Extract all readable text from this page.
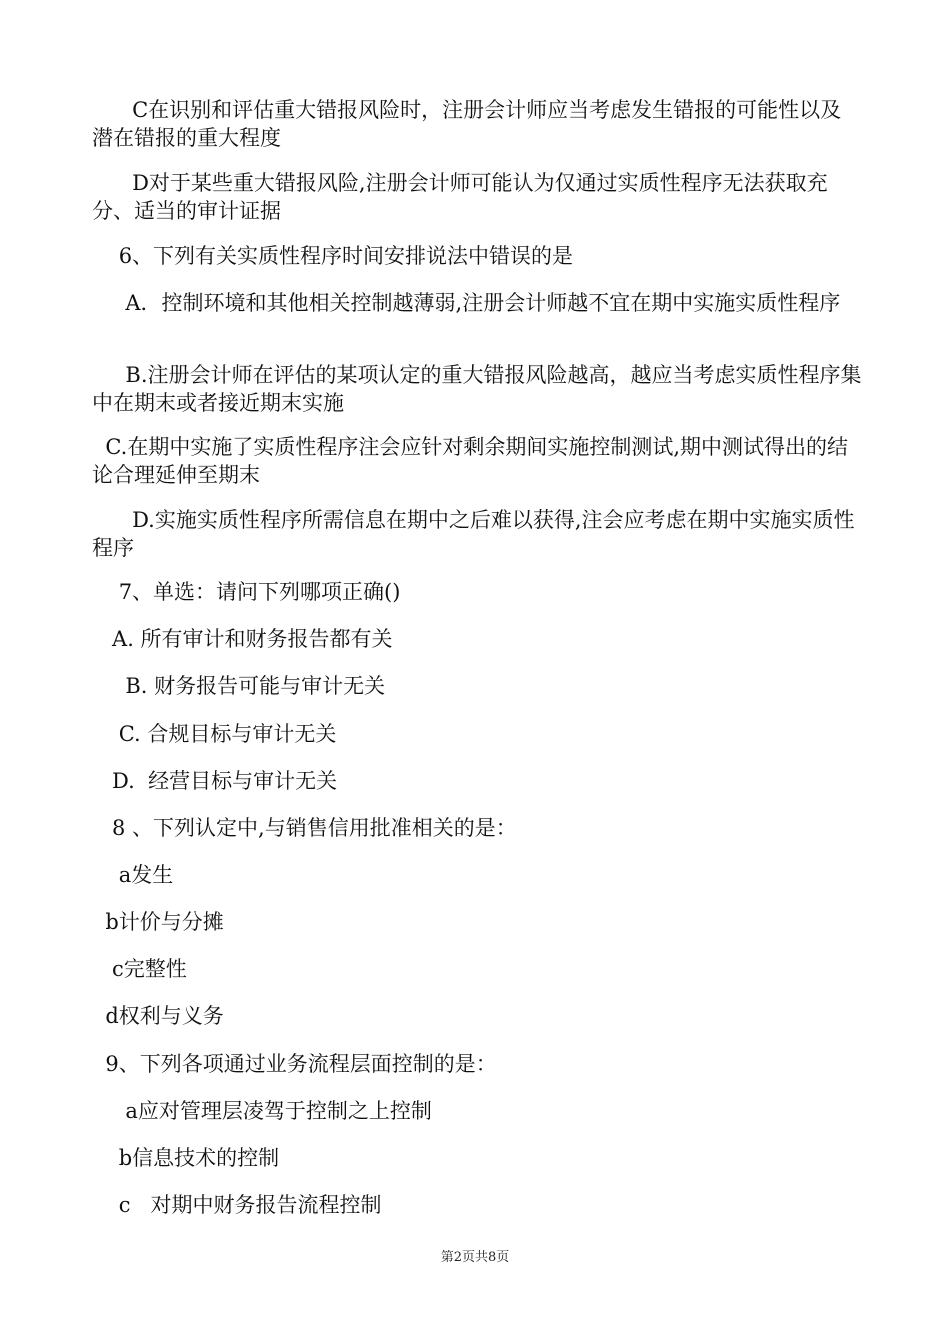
C在识别和评估重大错报风险时，注册会计师应当考虑发生错报的可能性以及潜在错报的重大程度

D对于某些重大错报风险,注册会计师可能认为仅通过实质性程序无法获取充分、适当的审计证据

6、下列有关实质性程序时间安排说法中错误的是

A．控制环境和其他相关控制越薄弱,注册会计师越不宜在期中实施实质性程序

B.注册会计师在评估的某项认定的重大错报风险越高，越应当考虑实质性程序集中在期末或者接近期末实施

C.在期中实施了实质性程序注会应针对剩余期间实施控制测试,期中测试得出的结论合理延伸至期末

D.实施实质性程序所需信息在期中之后难以获得,注会应考虑在期中实施实质性程序

7、单选：请问下列哪项正确()

A. 所有审计和财务报告都有关

B. 财务报告可能与审计无关

C. 合规目标与审计无关

D.  经营目标与审计无关

8 、下列认定中,与销售信用批准相关的是：

a发生

b计价与分摊

c完整性

d权利与义务

9、下列各项通过业务流程层面控制的是：

a应对管理层凌驾于控制之上控制

b信息技术的控制

c   对期中财务报告流程控制

第2页共8页
